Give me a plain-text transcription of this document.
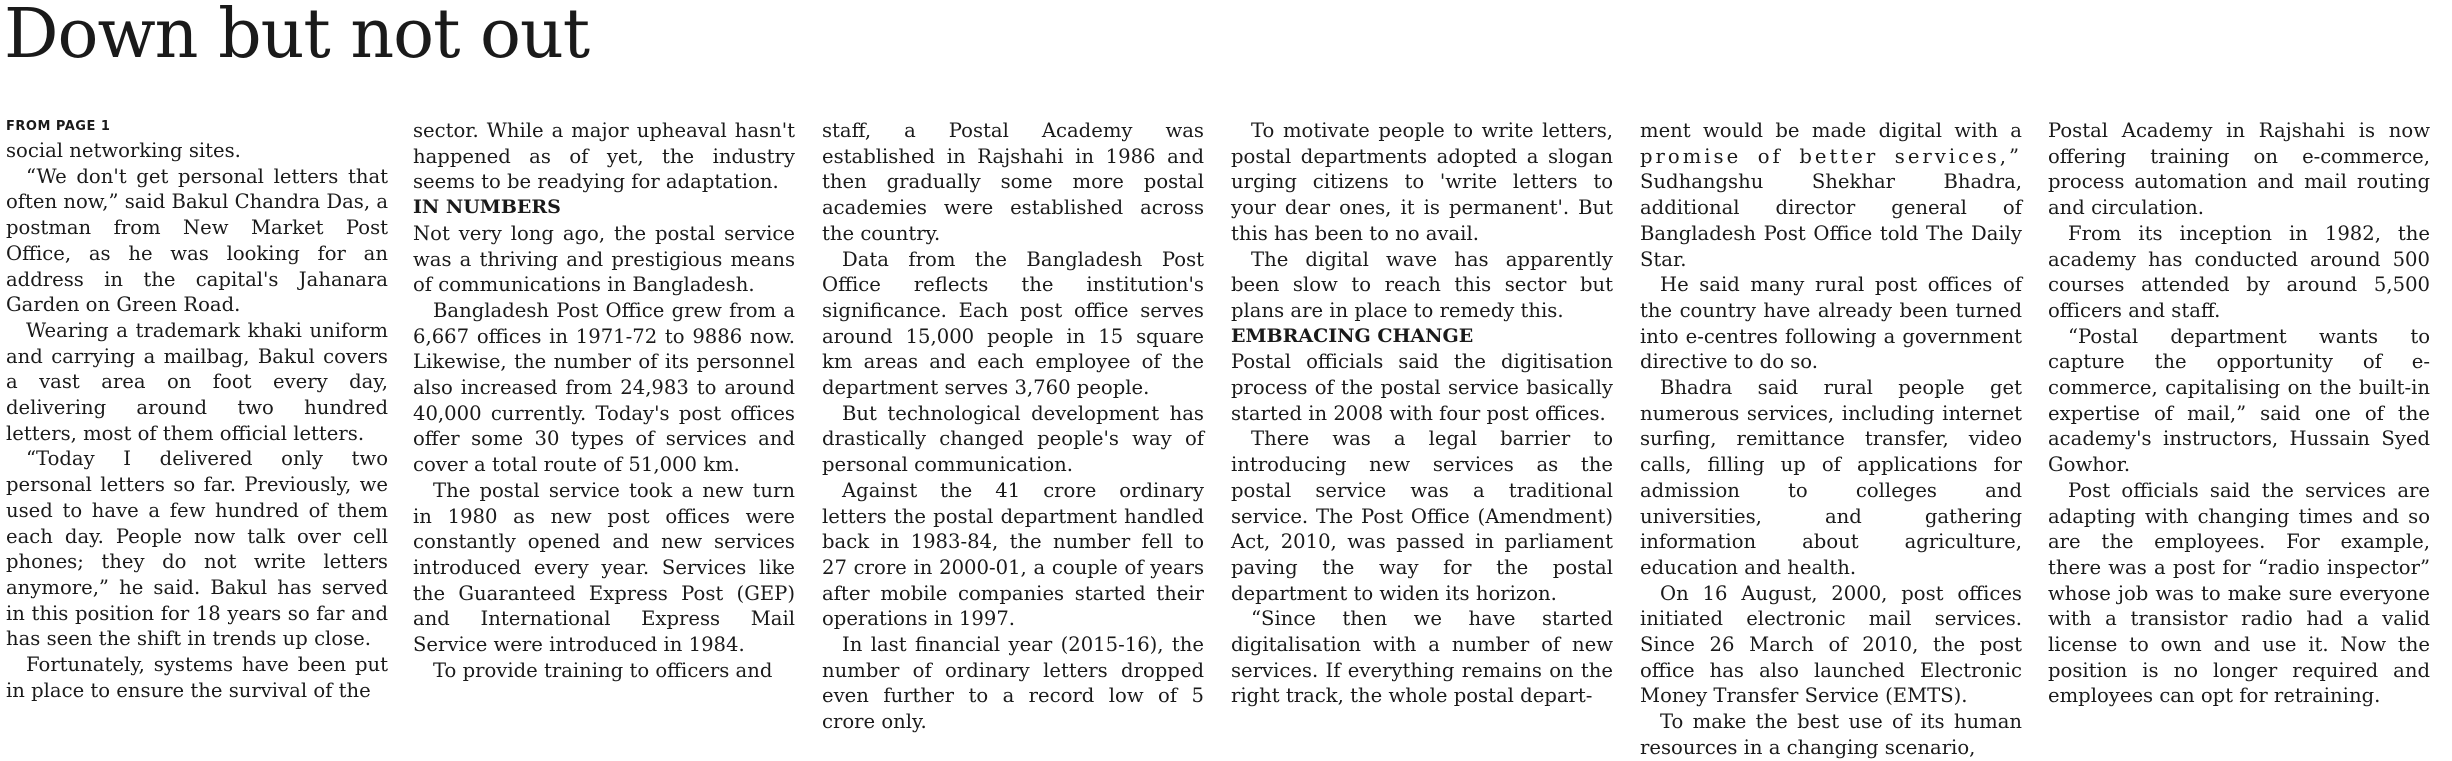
Down but not out
FROM PAGE 1

social networking sites.

“We don't get personal letters that often now,” said Bakul Chandra Das, a postman from New Market Post Office, as he was looking for an address in the capital's Jahanara Garden on Green Road.

Wearing a trademark khaki uniform and carrying a mailbag, Bakul covers a vast area on foot every day, delivering around two hundred letters, most of them official letters.

“Today I delivered only two personal letters so far. Previously, we used to have a few hundred of them each day. People now talk over cell phones; they do not write letters anymore,” he said. Bakul has served in this position for 18 years so far and has seen the shift in trends up close.

Fortunately, systems have been put in place to ensure the survival of the

sector. While a major upheaval hasn't happened as of yet, the industry seems to be readying for adaptation.

IN NUMBERS

Not very long ago, the postal service was a thriving and prestigious means of communications in Bangladesh.

Bangladesh Post Office grew from a 6,667 offices in 1971-72 to 9886 now. Likewise, the number of its personnel also increased from 24,983 to around 40,000 currently. Today's post offices offer some 30 types of services and cover a total route of 51,000 km.

The postal service took a new turn in 1980 as new post offices were constantly opened and new services introduced every year. Services like the Guaranteed Express Post (GEP) and International Express Mail Service were introduced in 1984.

To provide training to officers and

staff, a Postal Academy was established in Rajshahi in 1986 and then gradually some more postal academies were established across the country.

Data from the Bangladesh Post Office reflects the institution's significance. Each post office serves around 15,000 people in 15 square km areas and each employee of the department serves 3,760 people.

But technological development has drastically changed people's way of personal communication.

Against the 41 crore ordinary letters the postal department handled back in 1983-84, the number fell to 27 crore in 2000-01, a couple of years after mobile companies started their operations in 1997.

In last financial year (2015-16), the number of ordinary letters dropped even further to a record low of 5 crore only.

To motivate people to write letters, postal departments adopted a slogan urging citizens to 'write letters to your dear ones, it is permanent'. But this has been to no avail.

The digital wave has apparently been slow to reach this sector but plans are in place to remedy this.

EMBRACING CHANGE

Postal officials said the digitisation process of the postal service basically started in 2008 with four post offices.

There was a legal barrier to introducing new services as the postal service was a traditional service. The Post Office (Amendment) Act, 2010, was passed in parliament paving the way for the postal department to widen its horizon.

“Since then we have started digitalisation with a number of new services. If everything remains on the right track, the whole postal depart-

ment would be made digital with a promise of better services,” Sudhangshu Shekhar Bhadra, additional director general of Bangladesh Post Office told The Daily Star.

He said many rural post offices of the country have already been turned into e-centres following a government directive to do so.

Bhadra said rural people get numerous services, including internet surfing, remittance transfer, video calls, filling up of applications for admission to colleges and universities, and gathering information about agriculture, education and health.

On 16 August, 2000, post offices initiated electronic mail services. Since 26 March of 2010, the post office has also launched Electronic Money Transfer Service (EMTS).

To make the best use of its human resources in a changing scenario,

Postal Academy in Rajshahi is now offering training on e-commerce, process automation and mail routing and circulation.

From its inception in 1982, the academy has conducted around 500 courses attended by around 5,500 officers and staff.

“Postal department wants to capture the opportunity of e-commerce, capitalising on the built-in expertise of mail,” said one of the academy's instructors, Hussain Syed Gowhor.

Post officials said the services are adapting with changing times and so are the employees. For example, there was a post for “radio inspector” whose job was to make sure everyone with a transistor radio had a valid license to own and use it. Now the position is no longer required and employees can opt for retraining.
